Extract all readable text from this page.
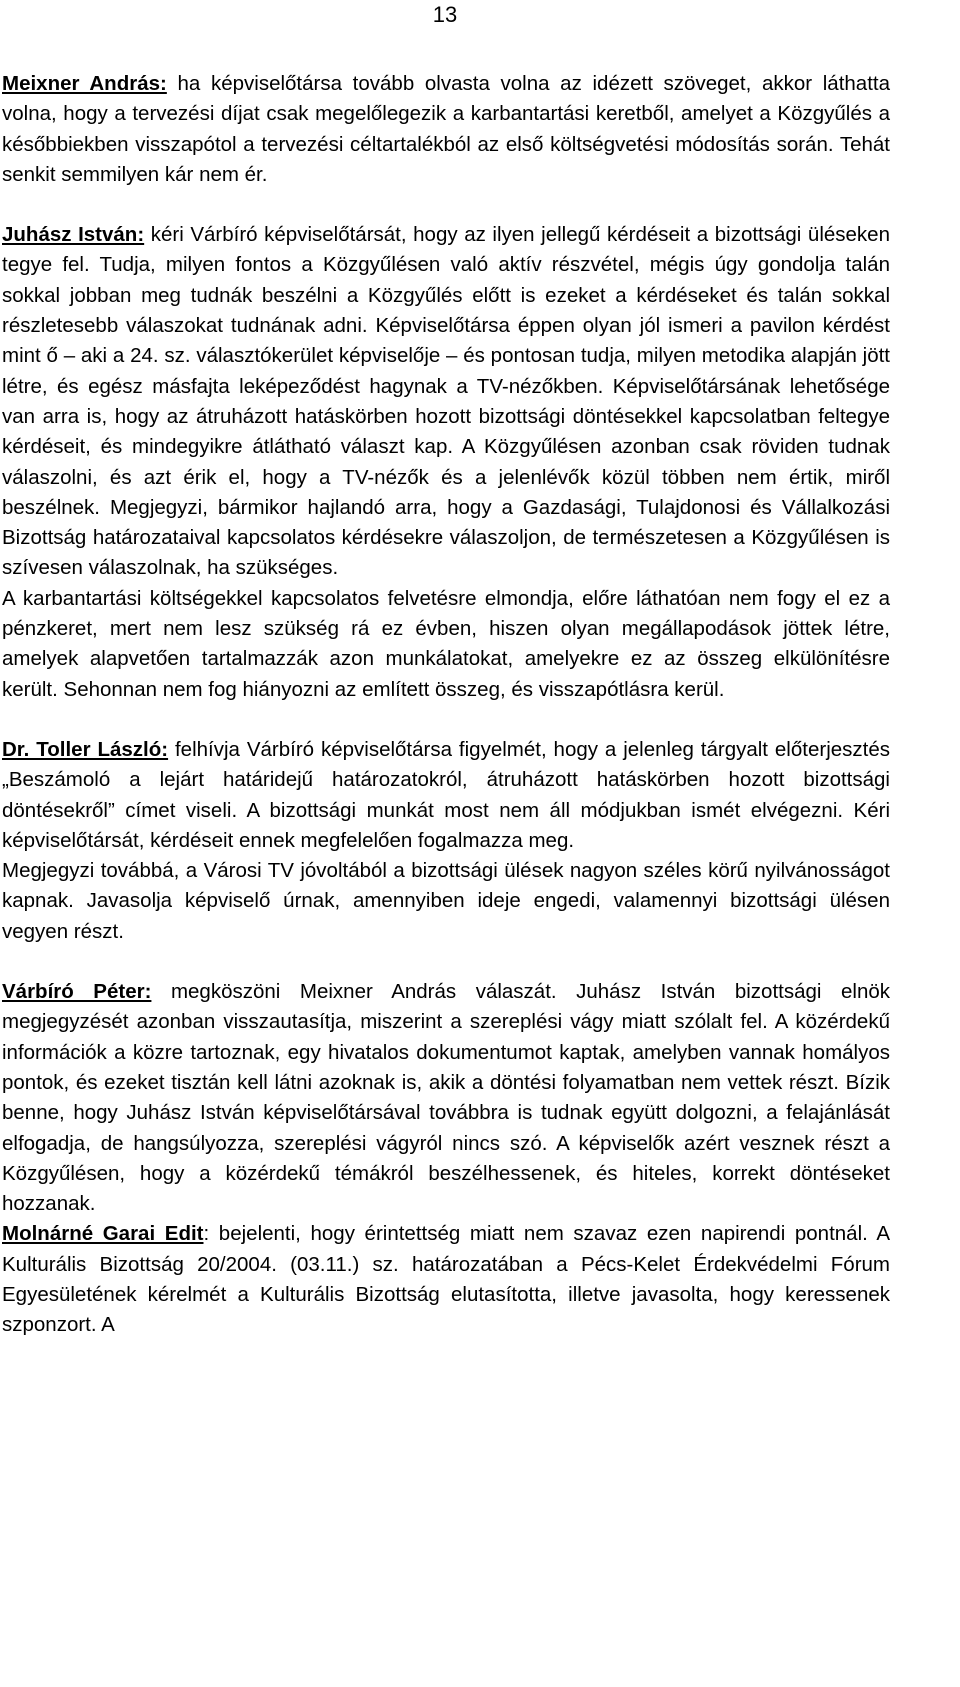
13

Meixner András: ha képviselőtársa tovább olvasta volna az idézett szöveget, akkor láthatta volna, hogy a tervezési díjat csak megelőlegezik a karbantartási keretből, amelyet a Közgyűlés a későbbiekben visszapótol a tervezési céltartalékból az első költségvetési módosítás során. Tehát senkit semmilyen kár nem ér.

Juhász István: kéri Várbíró képviselőtársát, hogy az ilyen jellegű kérdéseit a bizottsági üléseken tegye fel. Tudja, milyen fontos a Közgyűlésen való aktív részvétel, mégis úgy gondolja talán sokkal jobban meg tudnák beszélni a Közgyűlés előtt is ezeket a kérdéseket és talán sokkal részletesebb válaszokat tudnának adni. Képviselőtársa éppen olyan jól ismeri a pavilon kérdést mint ő – aki a 24. sz. választókerület képviselője – és pontosan tudja, milyen metodika alapján jött létre, és egész másfajta leképeződést hagynak a TV-nézőkben. Képviselőtársának lehetősége van arra is, hogy az átruházott hatáskörben hozott bizottsági döntésekkel kapcsolatban feltegye kérdéseit, és mindegyikre átlátható választ kap. A Közgyűlésen azonban csak röviden tudnak válaszolni, és azt érik el, hogy a TV-nézők és a jelenlévők közül többen nem értik, miről beszélnek. Megjegyzi, bármikor hajlandó arra, hogy a Gazdasági, Tulajdonosi és Vállalkozási Bizottság határozataival kapcsolatos kérdésekre válaszoljon, de természetesen a Közgyűlésen is szívesen válaszolnak, ha szükséges.

A karbantartási költségekkel kapcsolatos felvetésre elmondja, előre láthatóan nem fogy el ez a pénzkeret, mert nem lesz szükség rá ez évben, hiszen olyan megállapodások jöttek létre, amelyek alapvetően tartalmazzák azon munkálatokat, amelyekre ez az összeg elkülönítésre került. Sehonnan nem fog hiányozni az említett összeg, és visszapótlásra kerül.

Dr. Toller László: felhívja Várbíró képviselőtársa figyelmét, hogy a jelenleg tárgyalt előterjesztés „Beszámoló a lejárt határidejű határozatokról, átruházott hatáskörben hozott bizottsági döntésekről” címet viseli. A bizottsági munkát most nem áll módjukban ismét elvégezni. Kéri képviselőtársát, kérdéseit ennek megfelelően fogalmazza meg.

Megjegyzi továbbá, a Városi TV jóvoltából a bizottsági ülések nagyon széles körű nyilvánosságot kapnak. Javasolja képviselő úrnak, amennyiben ideje engedi, valamennyi bizottsági ülésen vegyen részt.

Várbíró Péter: megköszöni Meixner András válaszát. Juhász István bizottsági elnök megjegyzését azonban visszautasítja, miszerint a szereplési vágy miatt szólalt fel. A közérdekű információk a közre tartoznak, egy hivatalos dokumentumot kaptak, amelyben vannak homályos pontok, és ezeket tisztán kell látni azoknak is, akik a döntési folyamatban nem vettek részt. Bízik benne, hogy Juhász István képviselőtársával továbbra is tudnak együtt dolgozni, a felajánlását elfogadja, de hangsúlyozza, szereplési vágyról nincs szó. A képviselők azért vesznek részt a Közgyűlésen, hogy a közérdekű témákról beszélhessenek, és hiteles, korrekt döntéseket hozzanak.

Molnárné Garai Edit: bejelenti, hogy érintettség miatt nem szavaz ezen napirendi pontnál. A Kulturális Bizottság 20/2004. (03.11.) sz. határozatában a Pécs-Kelet Érdekvédelmi Fórum Egyesületének kérelmét a Kulturális Bizottság elutasította, illetve javasolta, hogy keressenek szponzort. A
